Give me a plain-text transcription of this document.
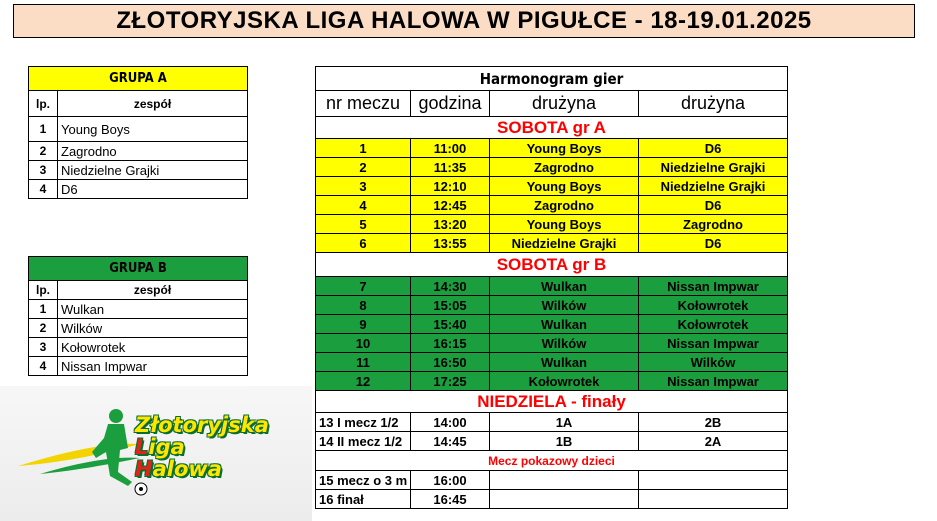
ZŁOTORYJSKA LIGA HALOWA W PIGUŁCE - 18-19.01.2025
GRUPA A	
lp.	zespół
1	Young Boys
2	Zagrodno
3	Niedzielne Grajki
4	D6
GRUPA B	
lp.	zespół
1	Wulkan
2	Wilków
3	Kołowrotek
4	Nissan Impwar
Harmonogram gier			
nr meczu	godzina	drużyna	drużyna
SOBOTA gr A			
1	11:00	Young Boys	D6
2	11:35	Zagrodno	Niedzielne Grajki
3	12:10	Young Boys	Niedzielne Grajki
4	12:45	Zagrodno	D6
5	13:20	Young Boys	Zagrodno
6	13:55	Niedzielne Grajki	D6
SOBOTA gr B			
7	14:30	Wulkan	Nissan Impwar
8	15:05	Wilków	Kołowrotek
9	15:40	Wulkan	Kołowrotek
10	16:15	Wilków	Nissan Impwar
11	16:50	Wulkan	Wilków
12	17:25	Kołowrotek	Nissan Impwar
NIEDZIELA - finały			
13 I mecz 1/2	14:00	1A	2B
14 II mecz 1/2	14:45	1B	2A
Mecz pokazowy dzieci			
15 mecz o 3 m	16:00		
16 finał	16:45		
Złotoryjska
Liga
Halowa
